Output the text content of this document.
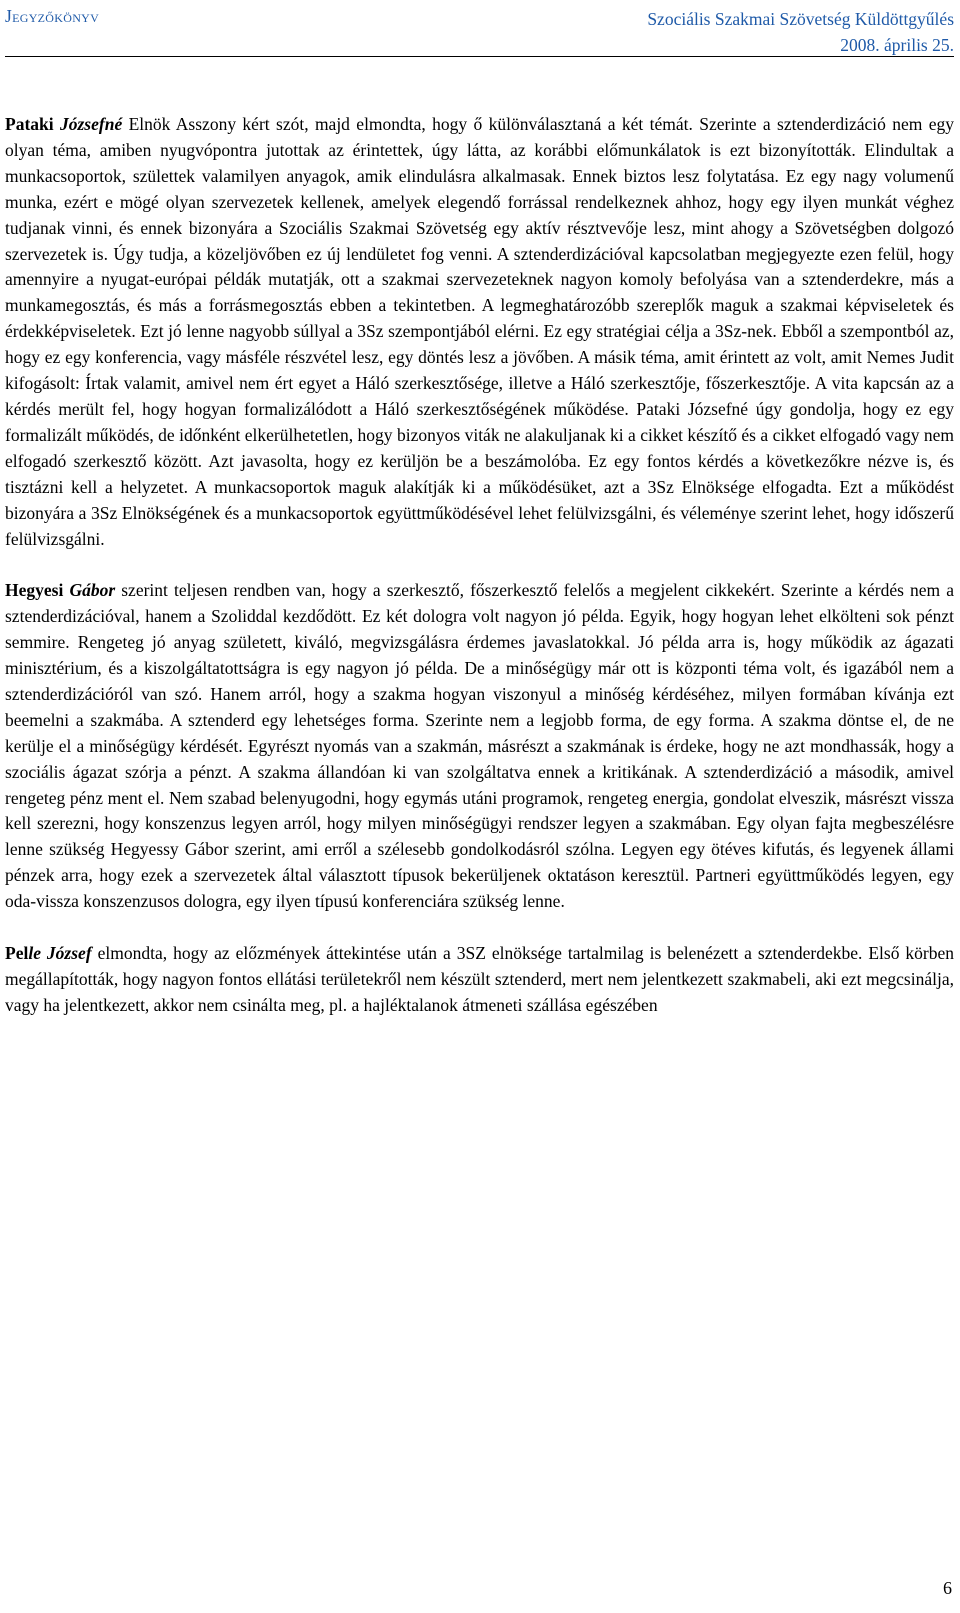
Jegyzőkönyv	Szociális Szakmai Szövetség Küldöttgyűlés
2008. április 25.

Pataki Józsefné Elnök Asszony kért szót, majd elmondta, hogy ő különválasztaná a két témát. Szerinte a sztenderdizáció nem egy olyan téma, amiben nyugvópontra jutottak az érintettek, úgy látta, az korábbi előmunkálatok is ezt bizonyították. Elindultak a munkacsoportok, születtek valamilyen anyagok, amik elindulásra alkalmasak. Ennek biztos lesz folytatása. Ez egy nagy volumenű munka, ezért e mögé olyan szervezetek kellenek, amelyek elegendő forrással rendelkeznek ahhoz, hogy egy ilyen munkát véghez tudjanak vinni, és ennek bizonyára a Szociális Szakmai Szövetség egy aktív résztvevője lesz, mint ahogy a Szövetségben dolgozó szervezetek is. Úgy tudja, a közeljövőben ez új lendületet fog venni. A sztenderdizációval kapcsolatban megjegyezte ezen felül, hogy amennyire a nyugat-európai példák mutatják, ott a szakmai szervezeteknek nagyon komoly befolyása van a sztenderdekre, más a munkamegosztás, és más a forrásmegosztás ebben a tekintetben. A legmeghatározóbb szereplők maguk a szakmai képviseletek és érdekképviseletek. Ezt jó lenne nagyobb súllyal a 3Sz szempontjából elérni. Ez egy stratégiai célja a 3Sz-nek. Ebből a szempontból az, hogy ez egy konferencia, vagy másféle részvétel lesz, egy döntés lesz a jövőben. A másik téma, amit érintett az volt, amit Nemes Judit kifogásolt: Írtak valamit, amivel nem ért egyet a Háló szerkesztősége, illetve a Háló szerkesztője, főszerkesztője. A vita kapcsán az a kérdés merült fel, hogy hogyan formalizálódott a Háló szerkesztőségének működése. Pataki Józsefné úgy gondolja, hogy ez egy formalizált működés, de időnként elkerülhetetlen, hogy bizonyos viták ne alakuljanak ki a cikket készítő és a cikket elfogadó vagy nem elfogadó szerkesztő között. Azt javasolta, hogy ez kerüljön be a beszámolóba. Ez egy fontos kérdés a következőkre nézve is, és tisztázni kell a helyzetet. A munkacsoportok maguk alakítják ki a működésüket, azt a 3Sz Elnöksége elfogadta. Ezt a működést bizonyára a 3Sz Elnökségének és a munkacsoportok együttműködésével lehet felülvizsgálni, és véleménye szerint lehet, hogy időszerű felülvizsgálni.

Hegyesi Gábor szerint teljesen rendben van, hogy a szerkesztő, főszerkesztő felelős a megjelent cikkekért. Szerinte a kérdés nem a sztenderdizációval, hanem a Szoliddal kezdődött. Ez két dologra volt nagyon jó példa. Egyik, hogy hogyan lehet elkölteni sok pénzt semmire. Rengeteg jó anyag született, kiváló, megvizsgálásra érdemes javaslatokkal. Jó példa arra is, hogy működik az ágazati minisztérium, és a kiszolgáltatottságra is egy nagyon jó példa. De a minőségügy már ott is központi téma volt, és igazából nem a sztenderdizációról van szó. Hanem arról, hogy a szakma hogyan viszonyul a minőség kérdéséhez, milyen formában kívánja ezt beemelni a szakmába. A sztenderd egy lehetséges forma. Szerinte nem a legjobb forma, de egy forma. A szakma döntse el, de ne kerülje el a minőségügy kérdését. Egyrészt nyomás van a szakmán, másrészt a szakmának is érdeke, hogy ne azt mondhassák, hogy a szociális ágazat szórja a pénzt. A szakma állandóan ki van szolgáltatva ennek a kritikának. A sztenderdizáció a második, amivel rengeteg pénz ment el. Nem szabad belenyugodni, hogy egymás utáni programok, rengeteg energia, gondolat elveszik, másrészt vissza kell szerezni, hogy konszenzus legyen arról, hogy milyen minőségügyi rendszer legyen a szakmában. Egy olyan fajta megbeszélésre lenne szükség Hegyessy Gábor szerint, ami erről a szélesebb gondolkodásról szólna. Legyen egy ötéves kifutás, és legyenek állami pénzek arra, hogy ezek a szervezetek által választott típusok bekerüljenek oktatáson keresztül. Partneri együttműködés legyen, egy oda-vissza konszenzusos dologra, egy ilyen típusú konferenciára szükség lenne.

Pelle József elmondta, hogy az előzmények áttekintése után a 3SZ elnöksége tartalmilag is belenézett a sztenderdekbe. Első körben megállapították, hogy nagyon fontos ellátási területekről nem készült sztenderd, mert nem jelentkezett szakmabeli, aki ezt megcsinálja, vagy ha jelentkezett, akkor nem csinálta meg, pl. a hajléktalanok átmeneti szállása egészében

6
